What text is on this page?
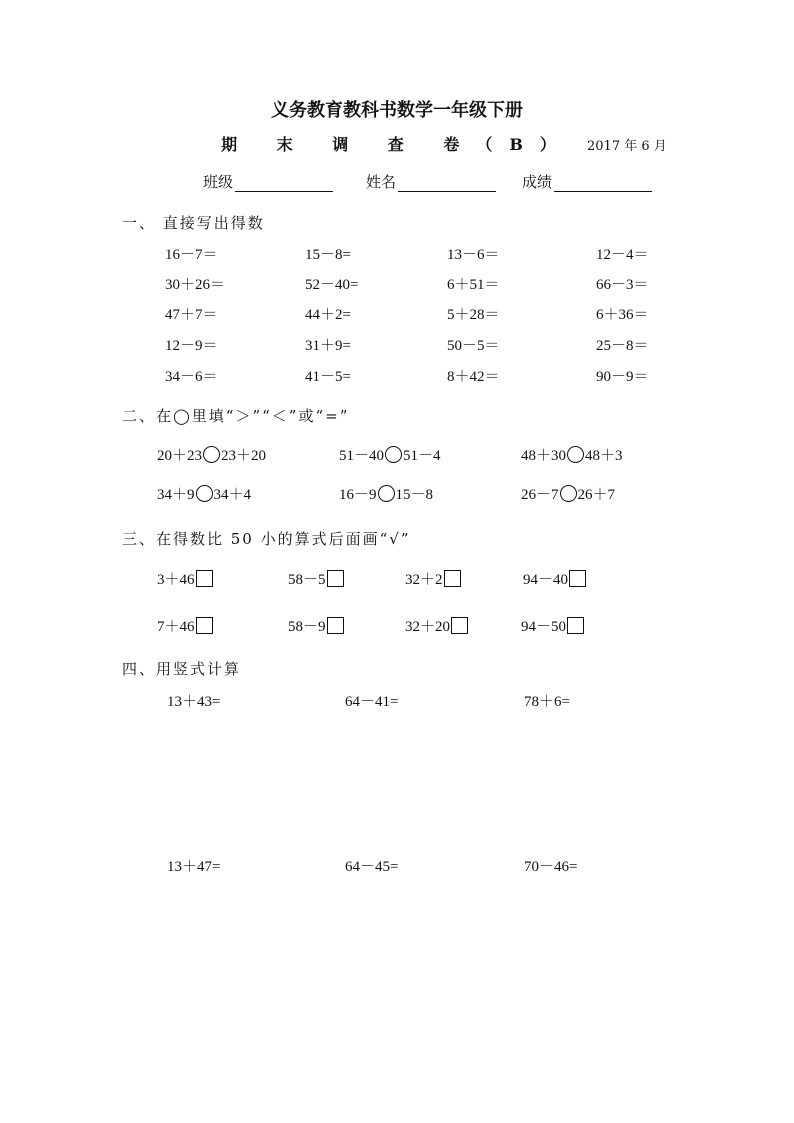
义务教育教科书数学一年级下册
期 末 调 查 卷（B）	2017 年 6 月
班级	姓名	成绩
一、 直接写出得数
16－7＝	15－8=	13－6＝	12－4＝
30＋26＝	52－40=	6＋51＝	66－3＝
47＋7＝	44＋2=	5＋28＝	6＋36＝
12－9＝	31＋9=	50－5＝	25－8＝
34－6＝	41－5=	8＋42＝	90－9＝
二、在◯里填“＞”“＜”或“=”
20＋23 23＋20	51－40 51－4	48＋30 48＋3
34＋9 34＋4	16－9 15－8	26－7 26＋7
三、在得数比 50 小的算式后面画“√”
3＋46	58－5	32＋2	94－40
7＋46	58－9	32＋20	94－50
四、用竖式计算
13＋43=	64－41=	78＋6=
13＋47=	64－45=	70－46=
